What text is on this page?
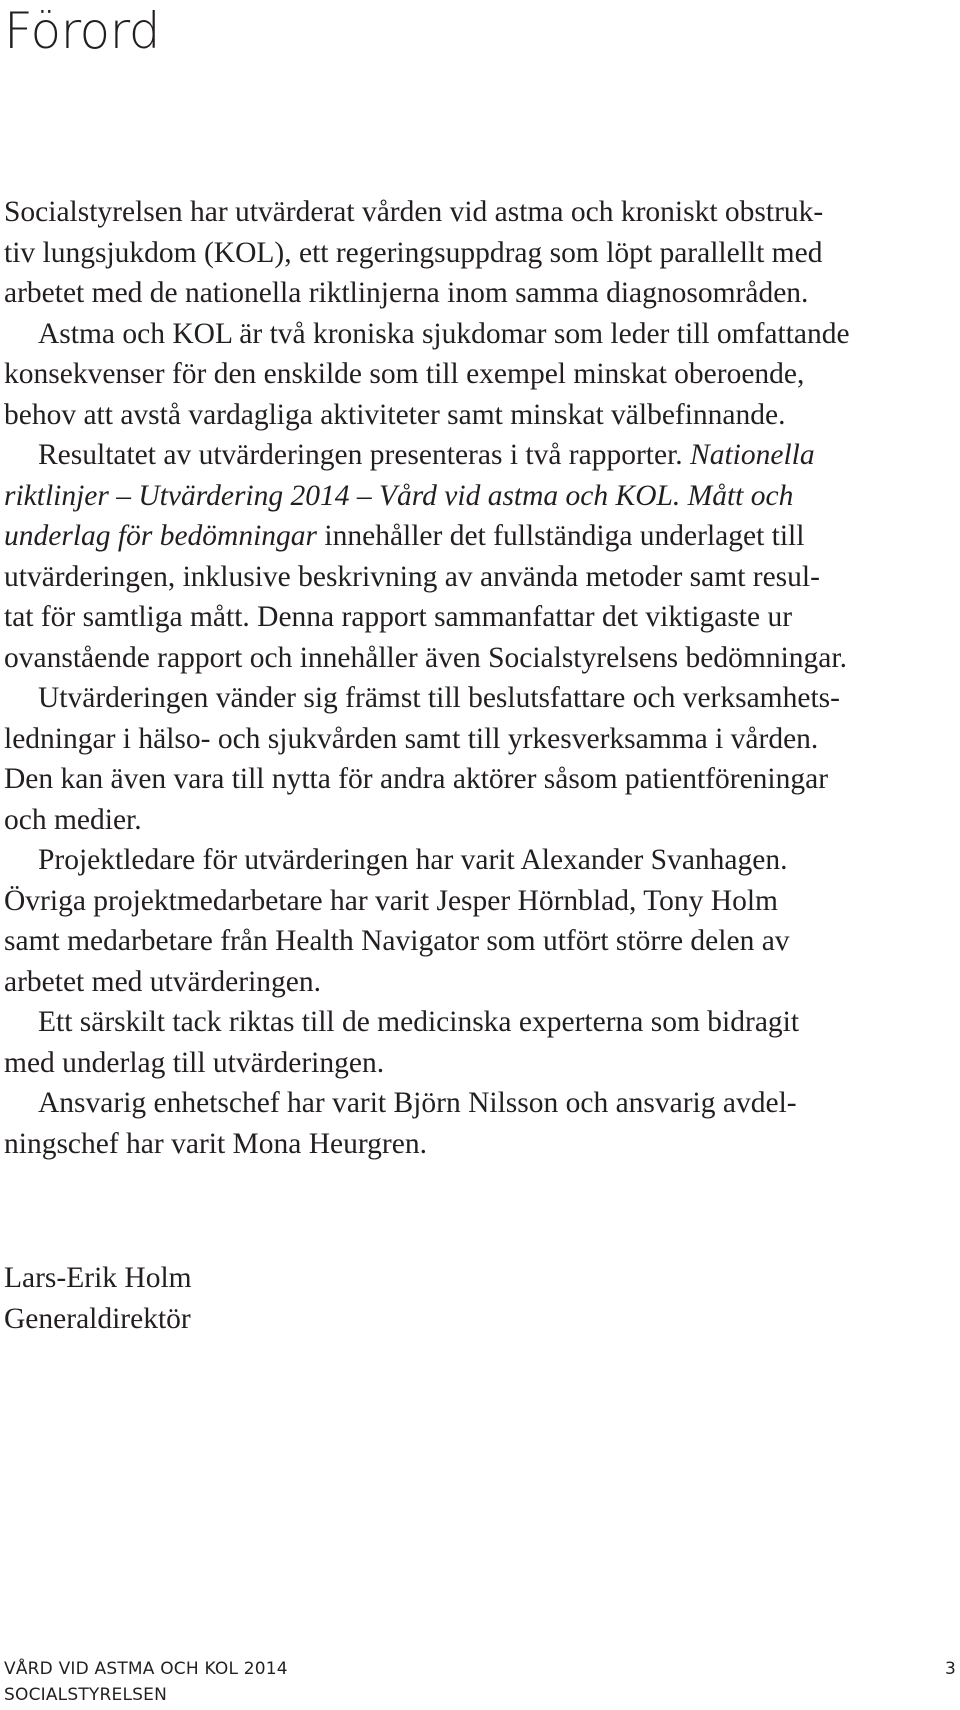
Förord
Socialstyrelsen har utvärderat vården vid astma och kroniskt obstruk-
tiv lungsjukdom (KOL), ett regeringsuppdrag som löpt parallellt med
arbetet med de nationella riktlinjerna inom samma diagnosområden.
Astma och KOL är två kroniska sjukdomar som leder till omfattande
konsekvenser för den enskilde som till exempel minskat oberoende,
behov att avstå vardagliga aktiviteter samt minskat välbefinnande.
Resultatet av utvärderingen presenteras i två rapporter. Nationella
riktlinjer – Utvärdering 2014 – Vård vid astma och KOL. Mått och
underlag för bedömningar innehåller det fullständiga underlaget till
utvärderingen, inklusive beskrivning av använda metoder samt resul-
tat för samtliga mått. Denna rapport sammanfattar det viktigaste ur
ovanstående rapport och innehåller även Socialstyrelsens bedömningar.
Utvärderingen vänder sig främst till beslutsfattare och verksamhets-
ledningar i hälso- och sjukvården samt till yrkesverksamma i vården.
Den kan även vara till nytta för andra aktörer såsom patientföreningar
och medier.
Projektledare för utvärderingen har varit Alexander Svanhagen.
Övriga projektmedarbetare har varit Jesper Hörnblad, Tony Holm
samt medarbetare från Health Navigator som utfört större delen av
arbetet med utvärderingen.
Ett särskilt tack riktas till de medicinska experterna som bidragit
med underlag till utvärderingen.
Ansvarig enhetschef har varit Björn Nilsson och ansvarig avdel-
ningschef har varit Mona Heurgren.
Lars-Erik Holm
Generaldirektör
VÅRD VID ASTMA OCH KOL 2014
SOCIALSTYRELSEN
3
